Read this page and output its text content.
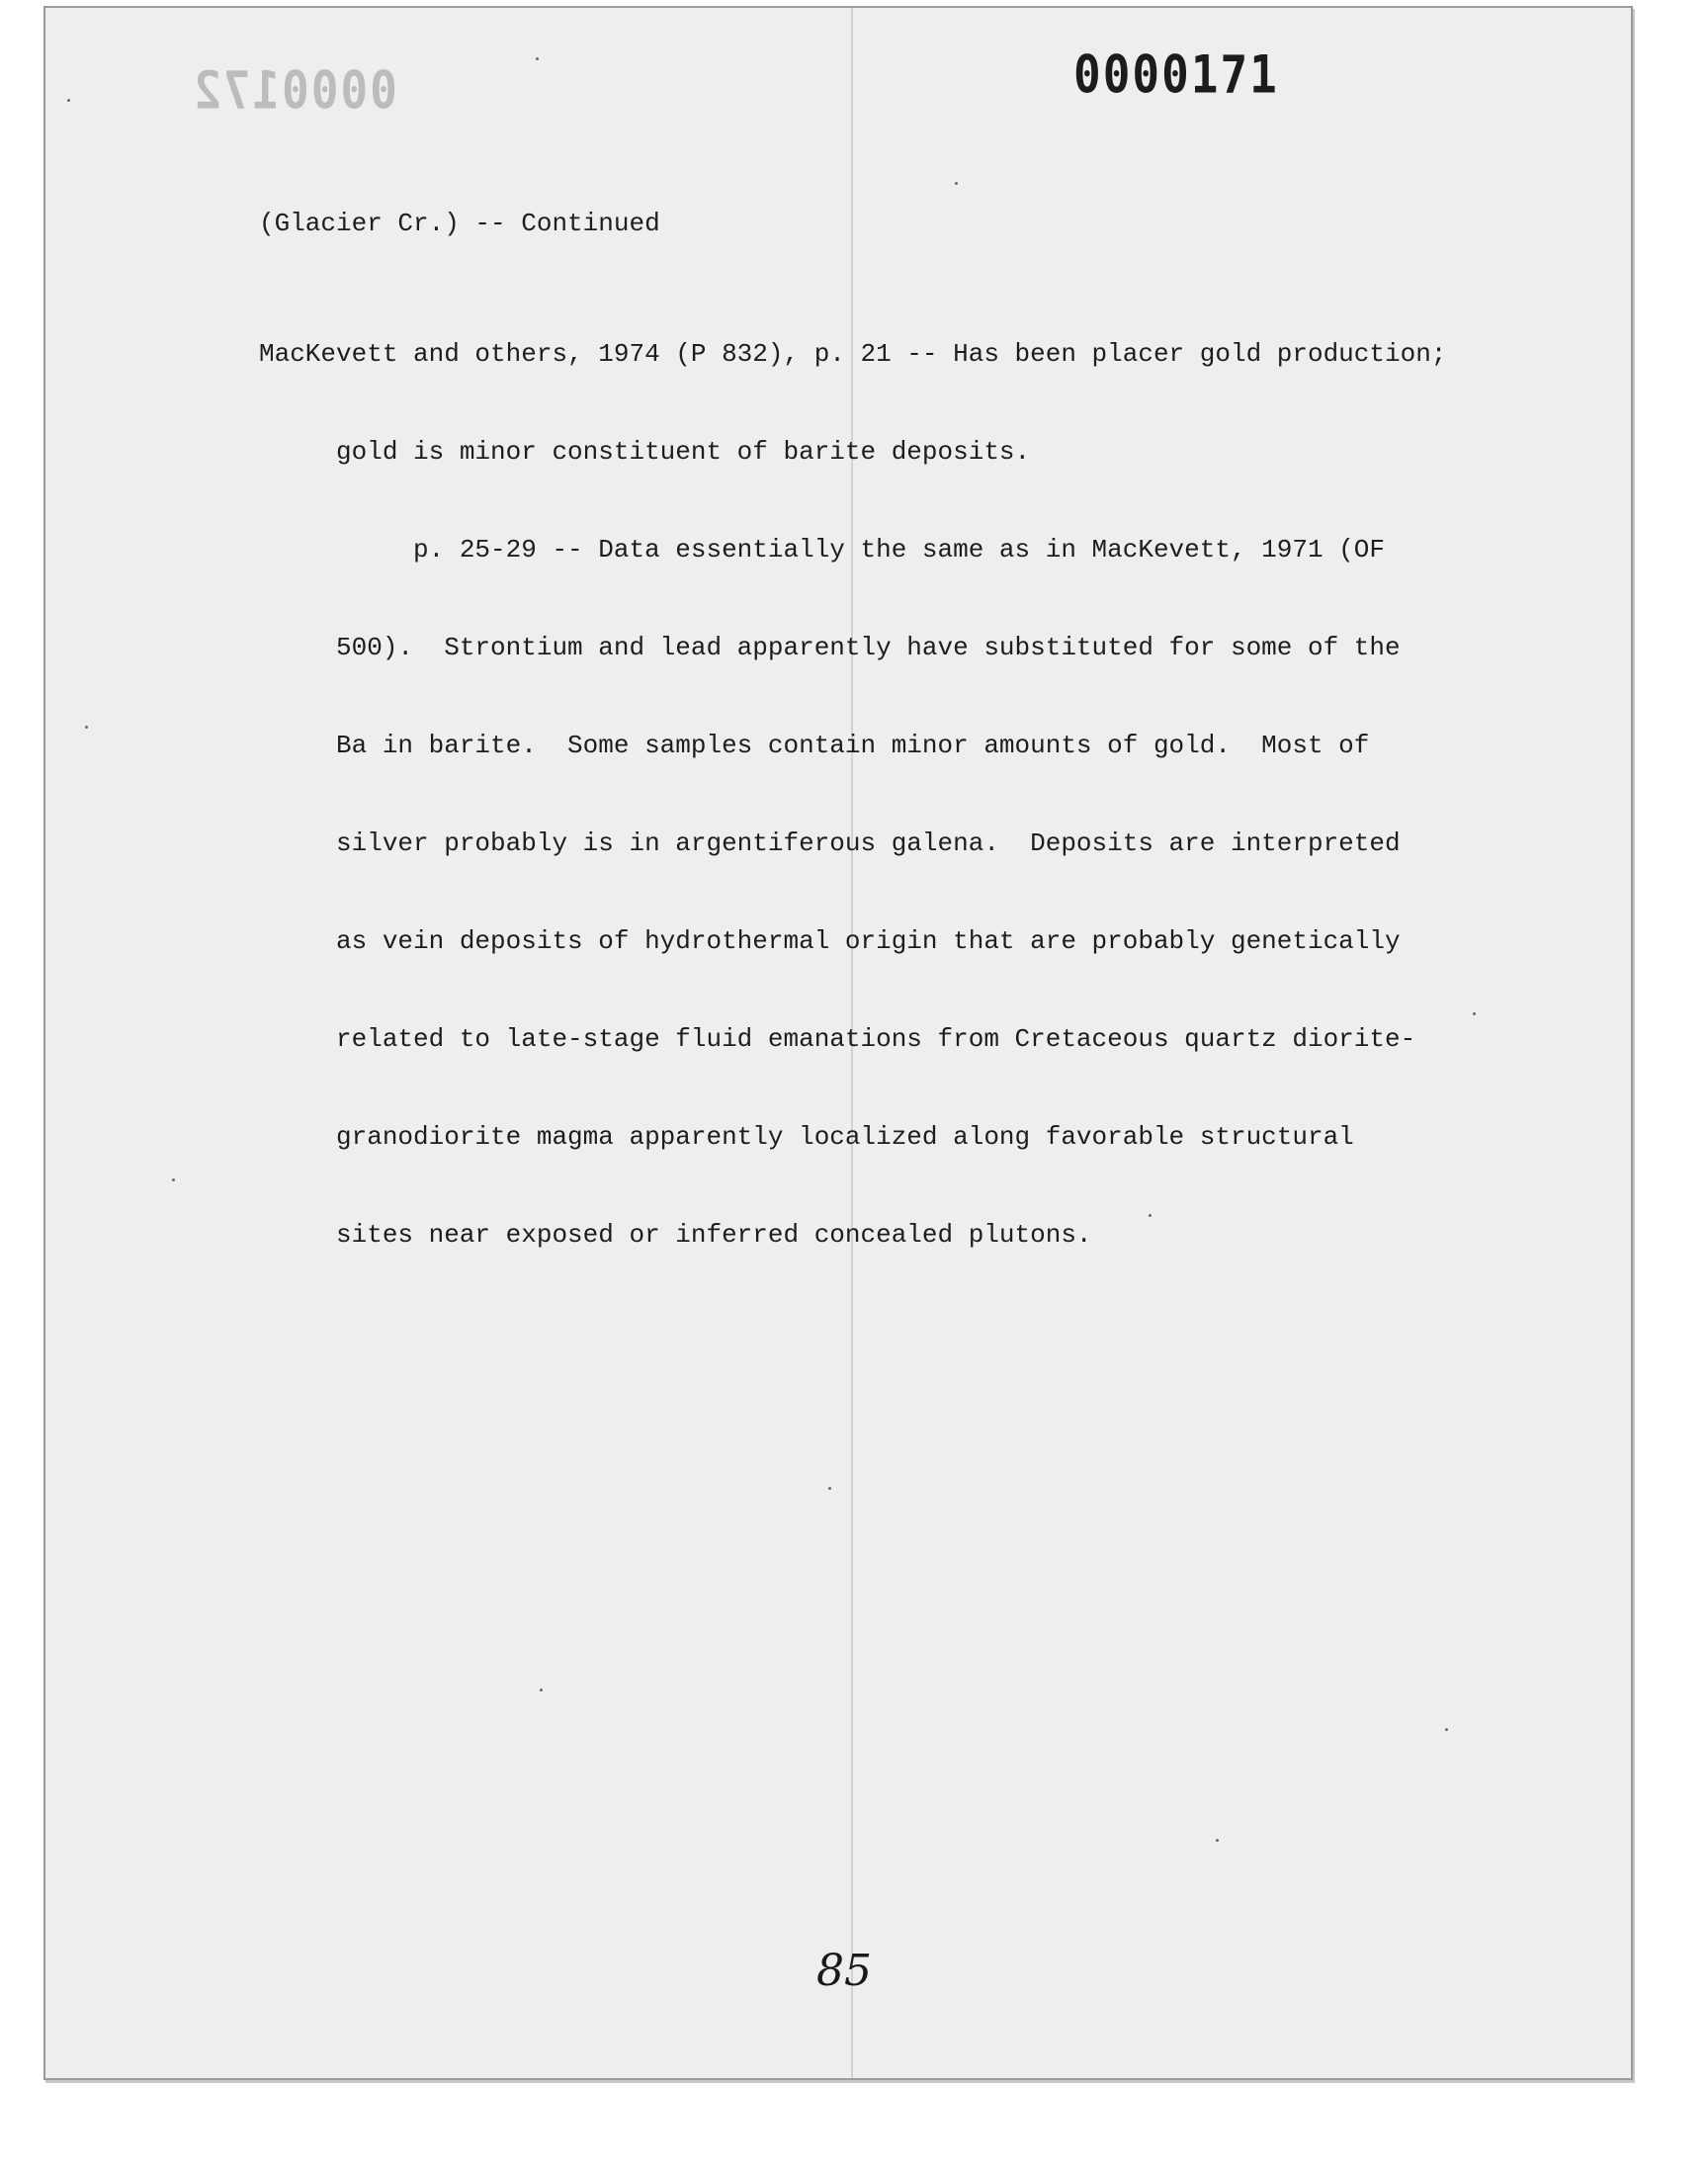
0000172	0000171
(Glacier Cr.) -- Continued

MacKevett and others, 1974 (P 832), p. 21 -- Has been placer gold production;

gold is minor constituent of barite deposits.

p. 25-29 -- Data essentially the same as in MacKevett, 1971 (OF

500).  Strontium and lead apparently have substituted for some of the

Ba in barite.  Some samples contain minor amounts of gold.  Most of

silver probably is in argentiferous galena.  Deposits are interpreted

as vein deposits of hydrothermal origin that are probably genetically

related to late-stage fluid emanations from Cretaceous quartz diorite-

granodiorite magma apparently localized along favorable structural

sites near exposed or inferred concealed plutons.

85
